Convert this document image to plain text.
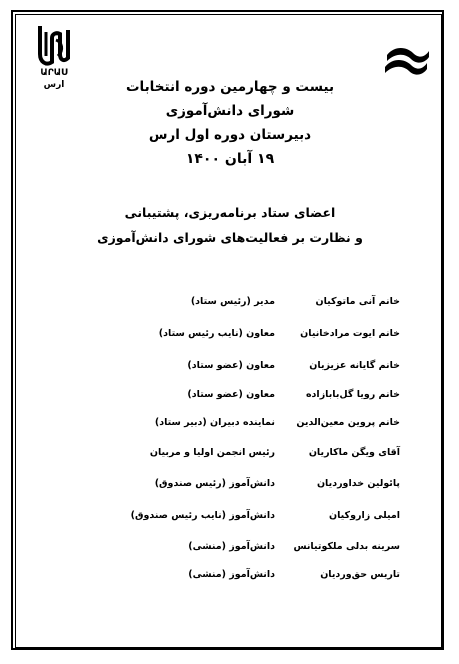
ԱՐԱՍ
ارس	بیست و چهارمین دوره انتخابات
شورای دانش‌آموزی
دبیرستان دوره اول ارس
۱۹ آبان ۱۴۰۰
اعضای ستاد برنامه‌ریزی، پشتیبانی
و نظارت بر فعالیت‌های شورای دانش‌آموزی
خانم آنی ماتوکیان
مدیر (رئیس ستاد)
خانم ایوت مرادخانیان
معاون (نایب رئیس ستاد)
خانم گایانه عزیزیان
معاون (عضو ستاد)
خانم رویا گل‌بابازاده
معاون (عضو ستاد)
خانم پروین معین‌الدین
نماینده دبیران (دبیر ستاد)
آقای ویگن ماکاریان
رئیس انجمن اولیا و مربیان
پائولین خداوردیان
دانش‌آموز (رئیس صندوق)
امیلی زاروکیان
دانش‌آموز (نایب رئیس صندوق)
سرینه بدلی ملکوتیانس
دانش‌آموز (منشی)
تاریس حق‌وردیان
دانش‌آموز (منشی)
